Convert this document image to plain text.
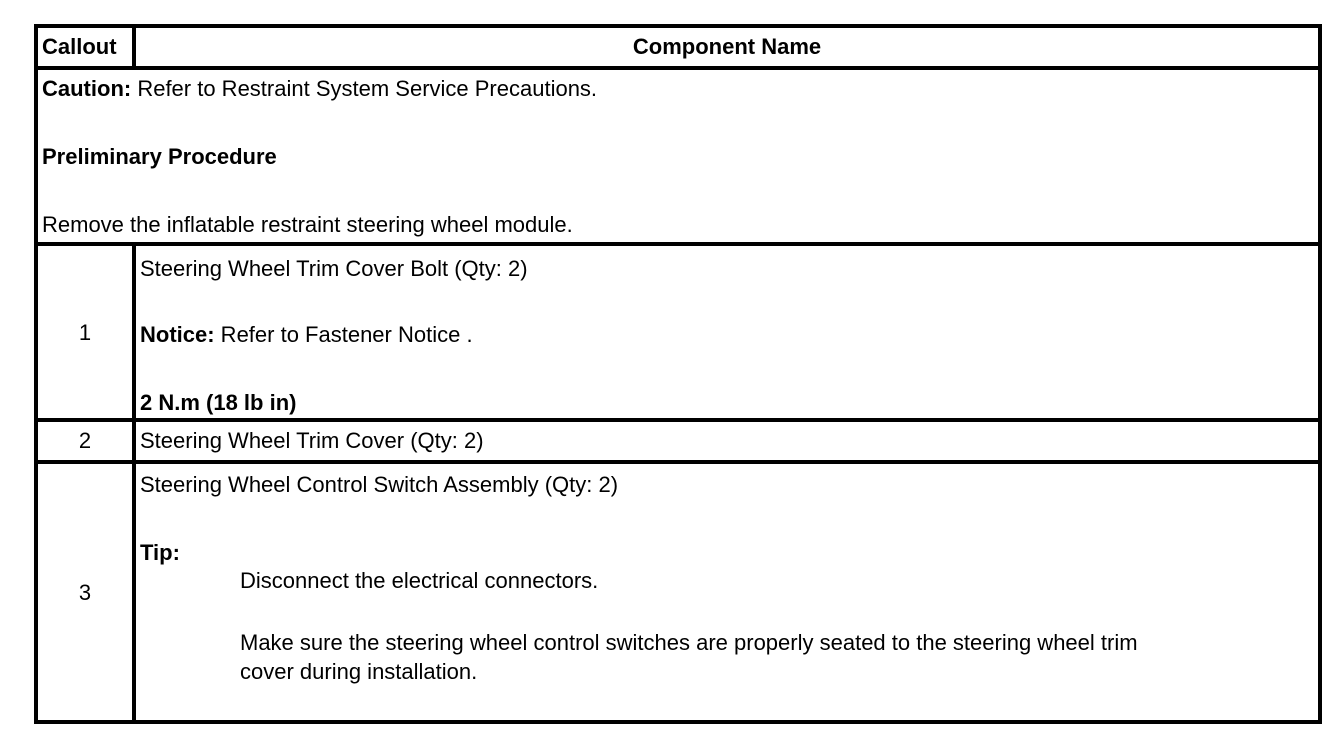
Callout	Component Name
Caution: Refer to Restraint System Service Precautions.
Preliminary Procedure
Remove the inflatable restraint steering wheel module.
1
Steering Wheel Trim Cover Bolt (Qty: 2)
Notice: Refer to Fastener Notice .
2 N.m (18 lb in)
2	Steering Wheel Trim Cover (Qty: 2)
3
Steering Wheel Control Switch Assembly (Qty: 2)
Tip:
Disconnect the electrical connectors.
Make sure the steering wheel control switches are properly seated to the steering wheel trim
cover during installation.
